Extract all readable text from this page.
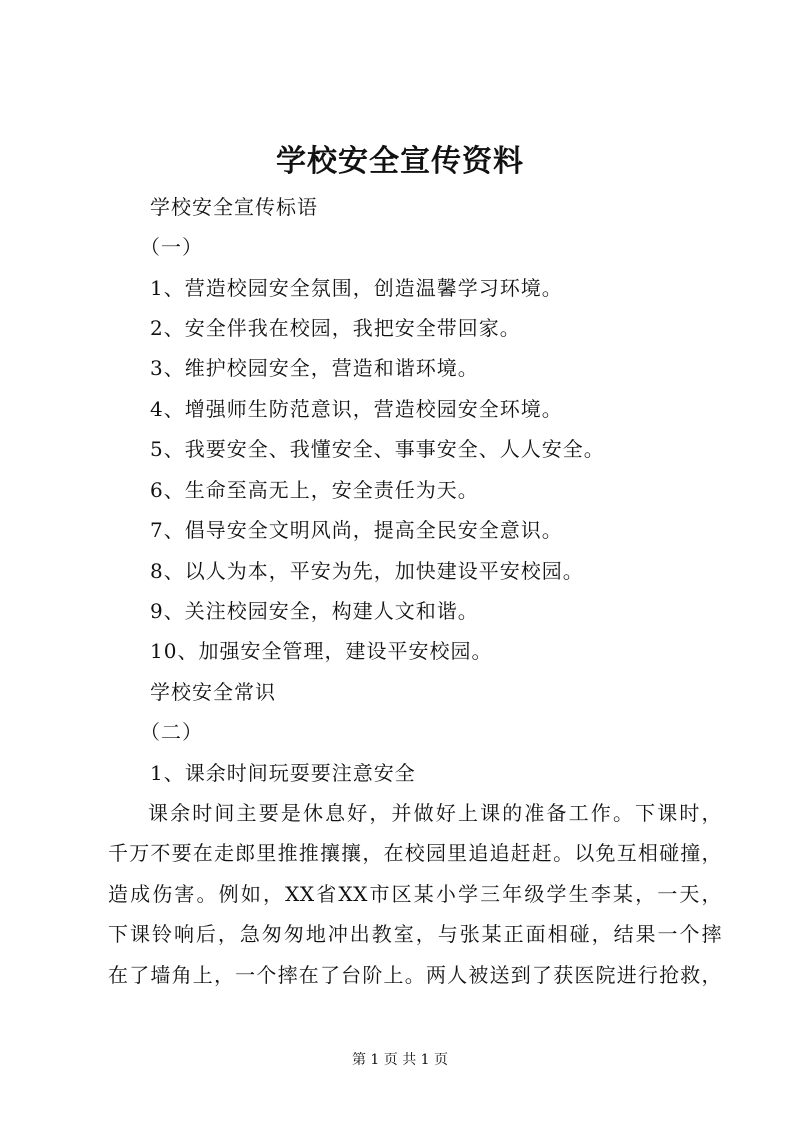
学校安全宣传资料
学校安全宣传标语
（一）
1、营造校园安全氛围，创造温馨学习环境。
2、安全伴我在校园，我把安全带回家。
3、维护校园安全，营造和谐环境。
4、增强师生防范意识，营造校园安全环境。
5、我要安全、我懂安全、事事安全、人人安全。
6、生命至高无上，安全责任为天。
7、倡导安全文明风尚，提高全民安全意识。
8、以人为本，平安为先，加快建设平安校园。
9、关注校园安全，构建人文和谐。
10、加强安全管理，建设平安校园。
学校安全常识
（二）
1、课余时间玩耍要注意安全
课余时间主要是休息好，并做好上课的准备工作。下课时，
千万不要在走郎里推推攘攘，在校园里追追赶赶。以免互相碰撞，
造成伤害。例如，XX省XX市区某小学三年级学生李某，一天，
下课铃响后，急匆匆地冲出教室，与张某正面相碰，结果一个摔
在了墙角上，一个摔在了台阶上。两人被送到了获医院进行抢救，
第 1 页 共 1 页
